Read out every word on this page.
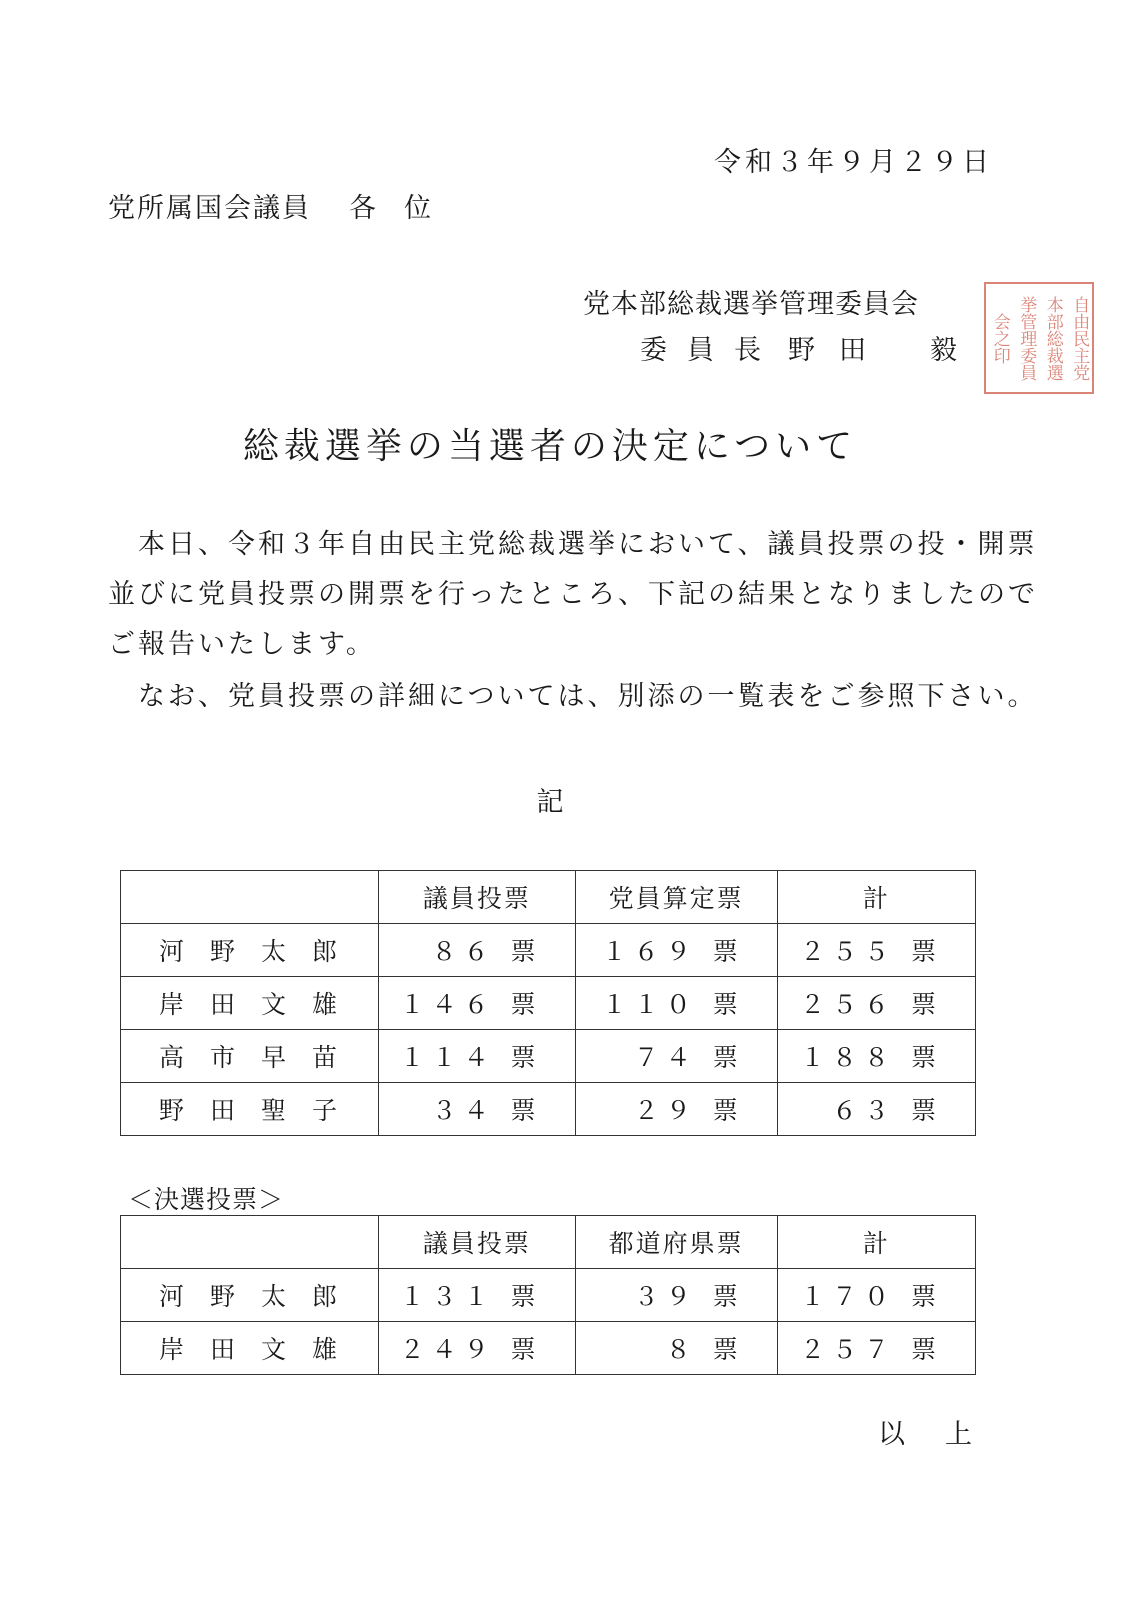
令和３年９月２９日
党所属国会議員 各位
党本部総裁選挙管理委員会
委員長 野田 毅	自由民主党
本部総裁選
挙管理委員
会之印
総裁選挙の当選者の決定について
　本日、令和３年自由民主党総裁選挙において、議員投票の投・開票
並びに党員投票の開票を行ったところ、下記の結果となりましたので
ご報告いたします。
　なお、党員投票の詳細については、別添の一覧表をご参照下さい。
記
	議員投票	党員算定票	計
河野太郎	８６ 票	１６９ 票	２５５ 票
岸田文雄	１４６ 票	１１０ 票	２５６ 票
高市早苗	１１４ 票	７４ 票	１８８ 票
野田聖子	３４ 票	２９ 票	６３ 票
＜決選投票＞
	議員投票	都道府県票	計
河野太郎	１３１ 票	３９ 票	１７０ 票
岸田文雄	２４９ 票	８ 票	２５７ 票
以上
